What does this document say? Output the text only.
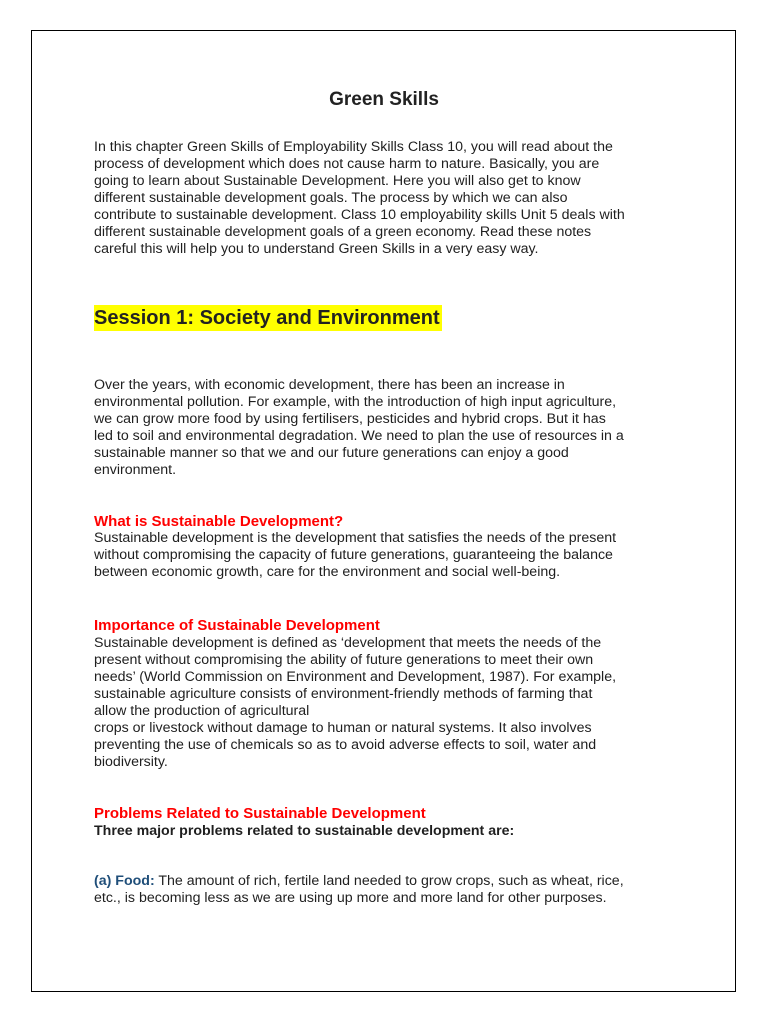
Green Skills
In this chapter Green Skills of Employability Skills Class 10, you will read about the
process of development which does not cause harm to nature. Basically, you are
going to learn about Sustainable Development. Here you will also get to know
different sustainable development goals. The process by which we can also
contribute to sustainable development. Class 10 employability skills Unit 5 deals with
different sustainable development goals of a green economy. Read these notes
careful this will help you to understand Green Skills in a very easy way.
Session 1: Society and Environment
Over the years, with economic development, there has been an increase in
environmental pollution. For example, with the introduction of high input agriculture,
we can grow more food by using fertilisers, pesticides and hybrid crops. But it has
led to soil and environmental degradation. We need to plan the use of resources in a
sustainable manner so that we and our future generations can enjoy a good
environment.
What is Sustainable Development?
Sustainable development is the development that satisfies the needs of the present
without compromising the capacity of future generations, guaranteeing the balance
between economic growth, care for the environment and social well-being.
Importance of Sustainable Development
Sustainable development is defined as ‘development that meets the needs of the
present without compromising the ability of future generations to meet their own
needs’ (World Commission on Environment and Development, 1987). For example,
sustainable agriculture consists of environment-friendly methods of farming that
allow the production of agricultural
crops or livestock without damage to human or natural systems. It also involves
preventing the use of chemicals so as to avoid adverse effects to soil, water and
biodiversity.
Problems Related to Sustainable Development
Three major problems related to sustainable development are:
(a) Food: The amount of rich, fertile land needed to grow crops, such as wheat, rice,
etc., is becoming less as we are using up more and more land for other purposes.
